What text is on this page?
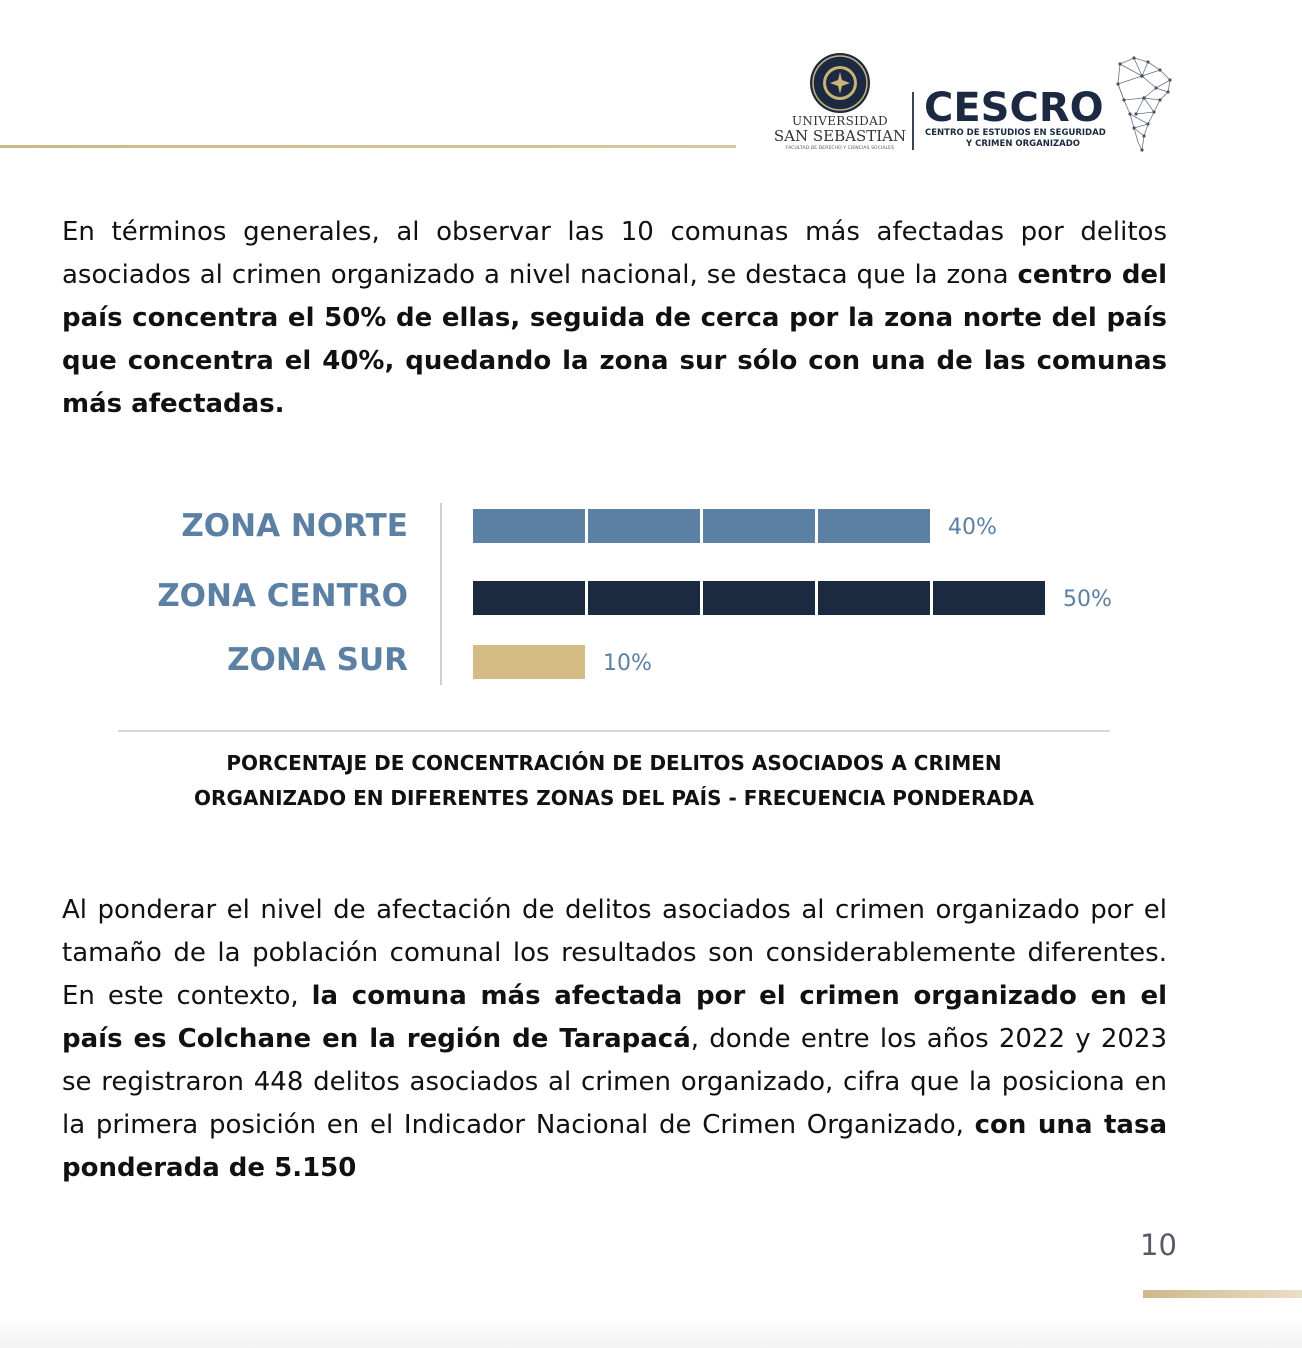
UNIVERSIDAD
SAN SEBASTIAN
FACULTAD DE DERECHO Y CIENCIAS SOCIALES
CESCRO
CENTRO DE ESTUDIOS EN SEGURIDAD
Y CRIMEN ORGANIZADO

En términos generales, al observar las 10 comunas más afectadas por delitos asociados al crimen organizado a nivel nacional, se destaca que la zona centro del país concentra el 50% de ellas, seguida de cerca por la zona norte del país que concentra el 40%, quedando la zona sur sólo con una de las comunas más afectadas.

ZONA NORTE	40%
ZONA CENTRO	50%
ZONA SUR	10%
PORCENTAJE DE CONCENTRACIÓN DE DELITOS ASOCIADOS A CRIMEN
ORGANIZADO EN DIFERENTES ZONAS DEL PAÍS - FRECUENCIA PONDERADA

Al ponderar el nivel de afectación de delitos asociados al crimen organizado por el tamaño de la población comunal los resultados son considerablemente diferentes. En este contexto, la comuna más afectada por el crimen organizado en el país es Colchane en la región de Tarapacá, donde entre los años 2022 y 2023 se registraron 448 delitos asociados al crimen organizado, cifra que la posiciona en la primera posición en el Indicador Nacional de Crimen Organizado, con una tasa ponderada de 5.150

10
